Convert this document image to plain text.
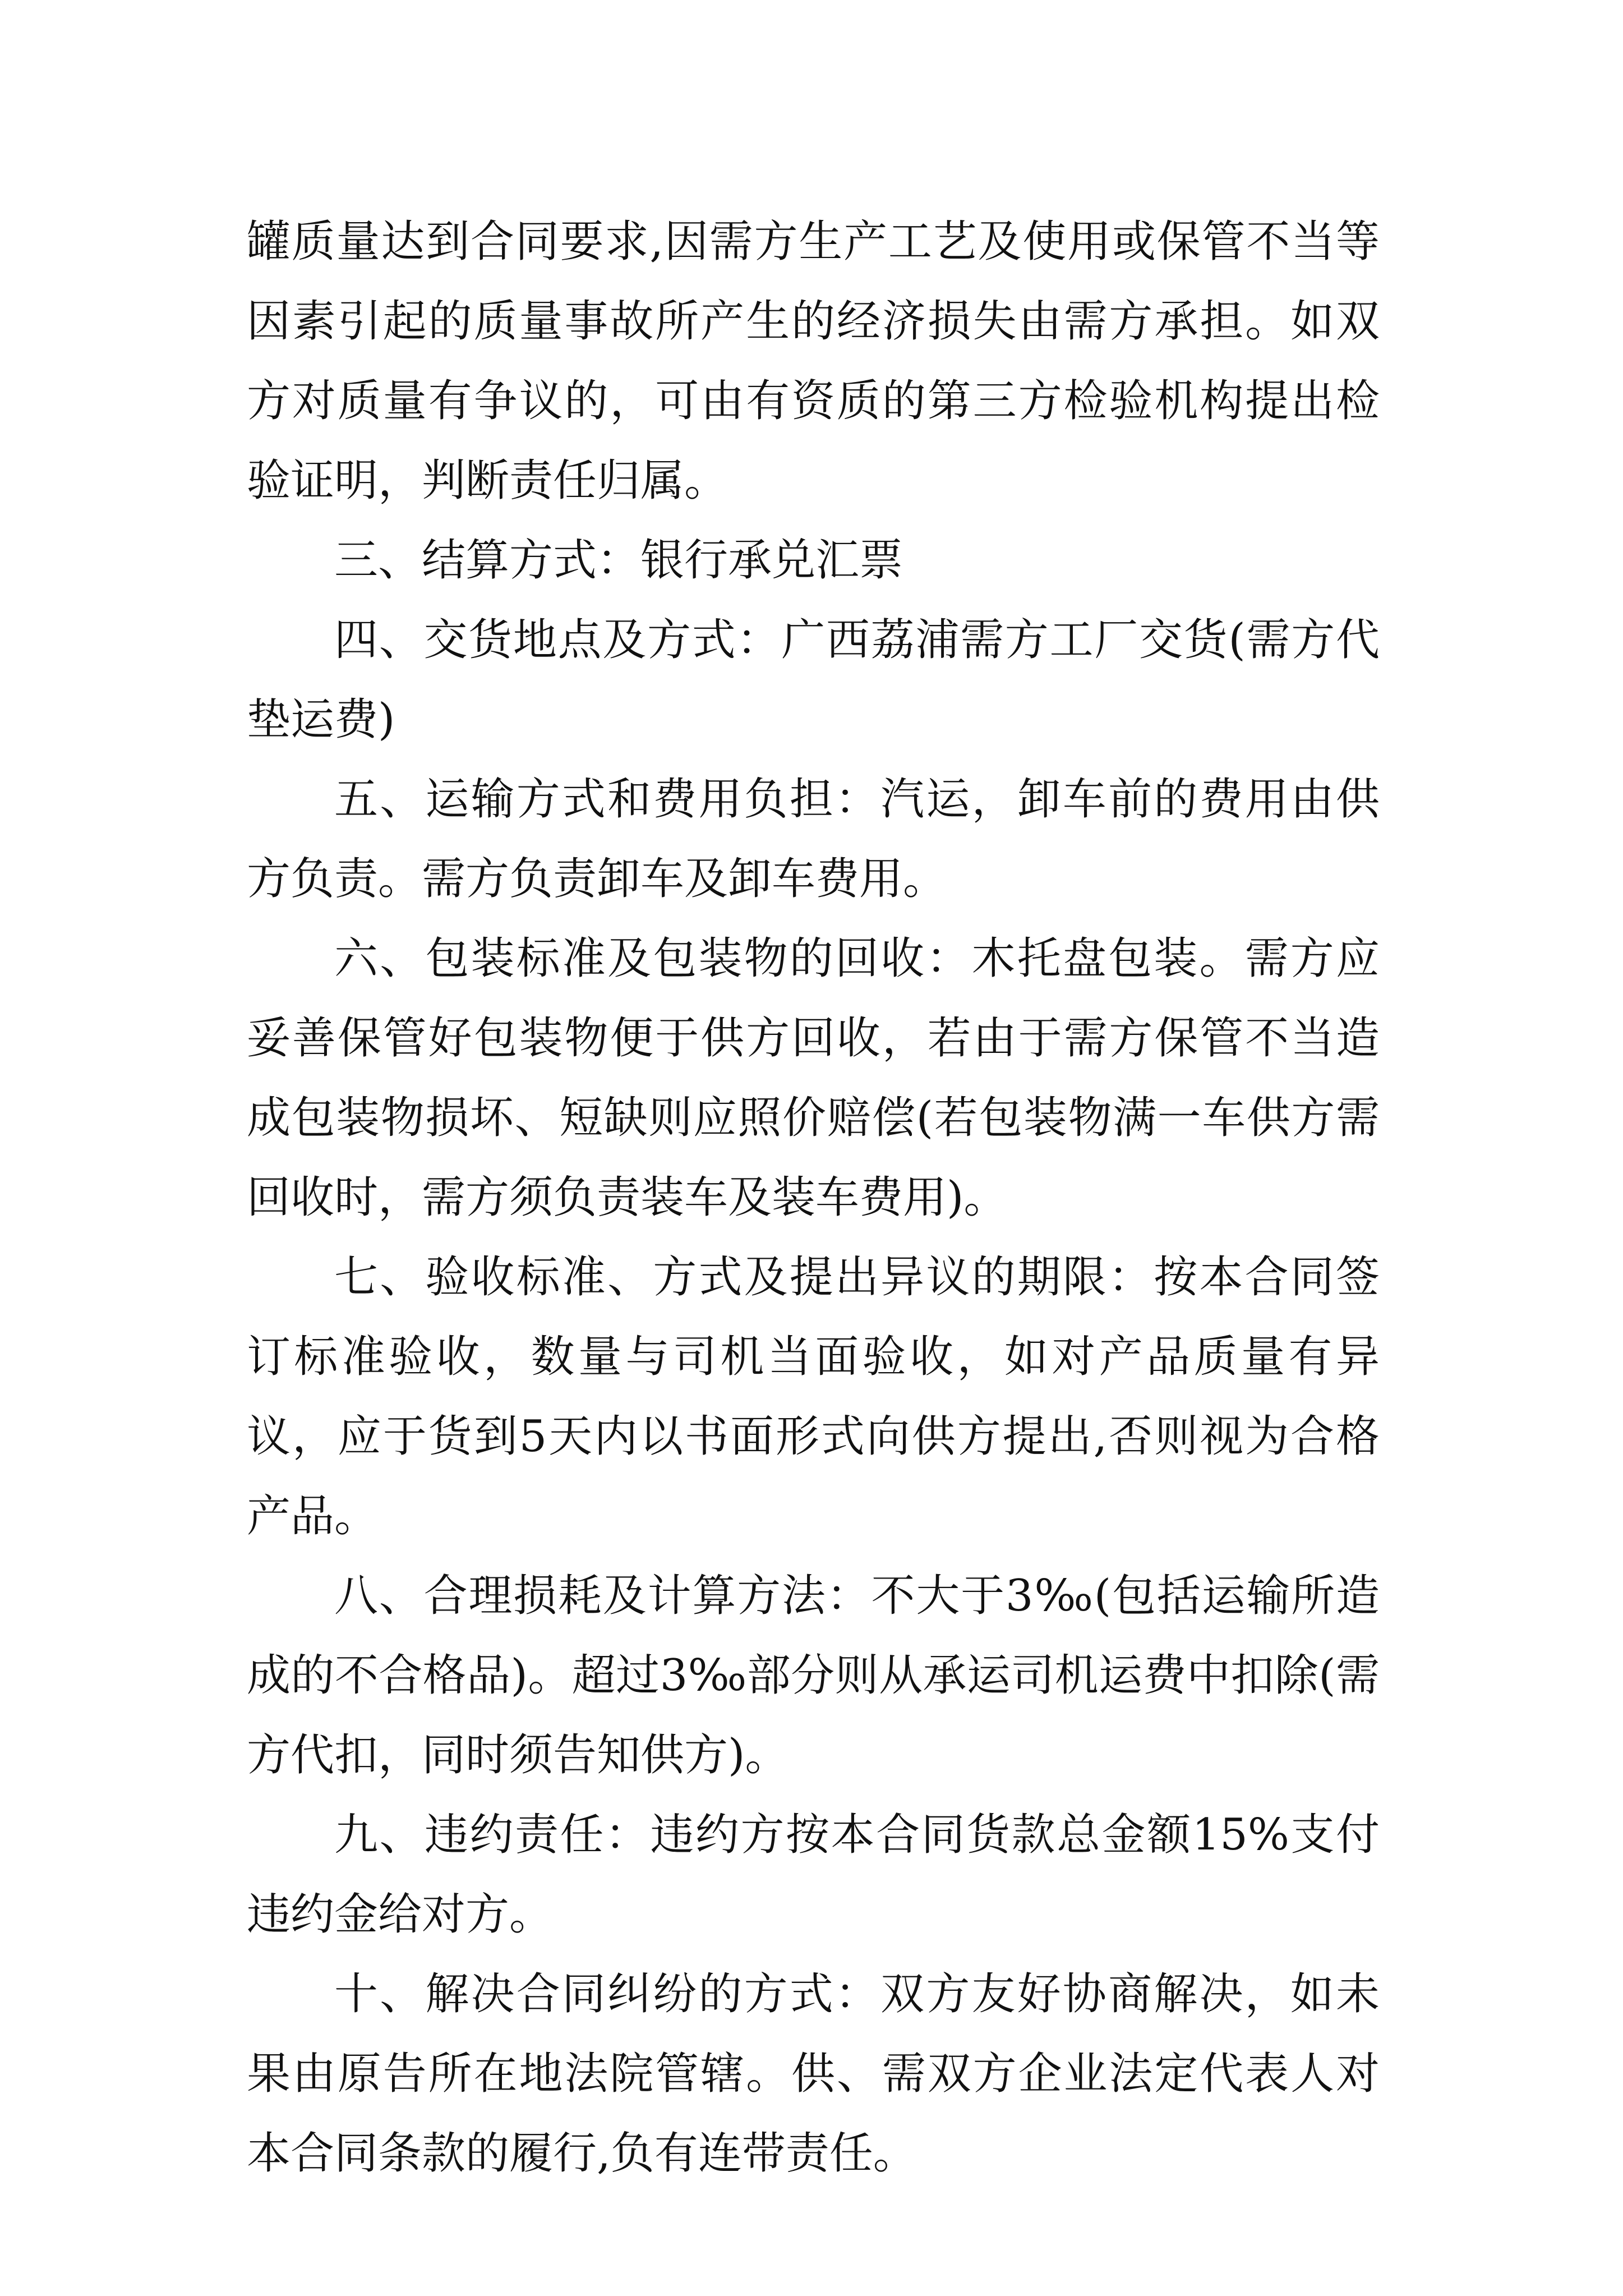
罐质量达到合同要求,因需方生产工艺及使用或保管不当等因素引起的质量事故所产生的经济损失由需方承担。如双方对质量有争议的，可由有资质的第三方检验机构提出检验证明，判断责任归属。

三、结算方式：银行承兑汇票

四、交货地点及方式：广西荔浦需方工厂交货(需方代垫运费)

五、运输方式和费用负担：汽运，卸车前的费用由供方负责。需方负责卸车及卸车费用。

六、包装标准及包装物的回收：木托盘包装。需方应妥善保管好包装物便于供方回收，若由于需方保管不当造成包装物损坏、短缺则应照价赔偿(若包装物满一车供方需回收时，需方须负责装车及装车费用)。

七、验收标准、方式及提出异议的期限：按本合同签订标准验收，数量与司机当面验收，如对产品质量有异议，应于货到5天内以书面形式向供方提出,否则视为合格产品。

八、合理损耗及计算方法：不大于3‰(包括运输所造成的不合格品)。超过3‰部分则从承运司机运费中扣除(需方代扣，同时须告知供方)。

九、违约责任：违约方按本合同货款总金额15%支付违约金给对方。

十、解决合同纠纷的方式：双方友好协商解决，如未果由原告所在地法院管辖。供、需双方企业法定代表人对本合同条款的履行,负有连带责任。
